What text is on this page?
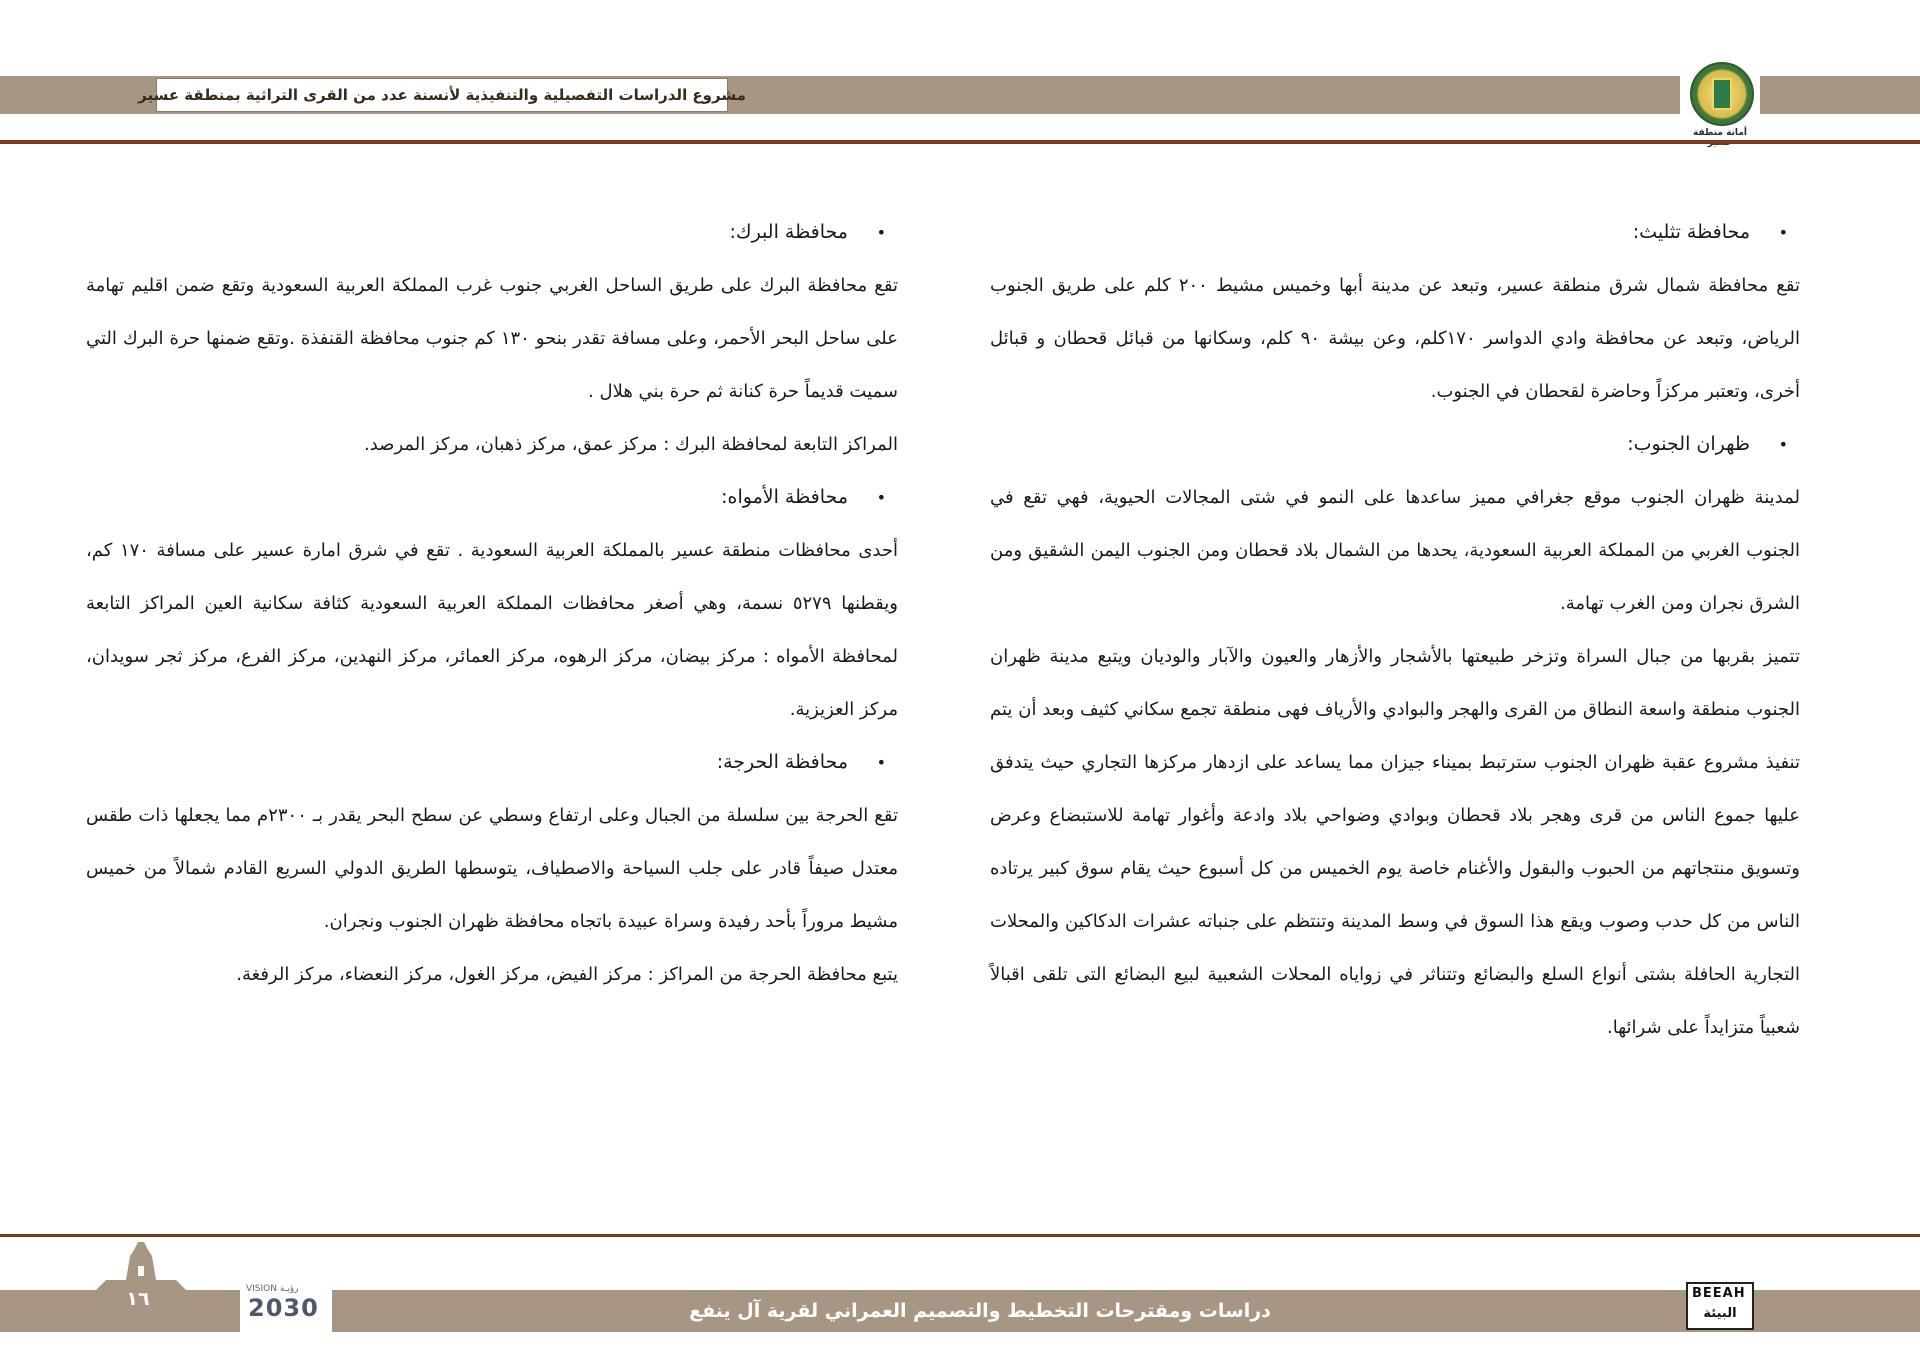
مشروع الدراسات التفصيلية والتنفيذية لأنسنة عدد من القرى التراثية بمنطقة عسير
أمانة منطقة
•
محافظة تثليث:
تقع محافظة شمال شرق منطقة عسير، وتبعد عن مدينة أبها وخميس مشيط ٢٠٠ كلم على طريق الجنوب الرياض، وتبعد عن محافظة وادي الدواسر ١٧٠كلم، وعن بيشة ٩٠ كلم، وسكانها من قبائل قحطان و قبائل أخرى، وتعتبر مركزاً وحاضرة لقحطان في الجنوب.
•
ظهران الجنوب:
لمدينة ظهران الجنوب موقع جغرافي مميز ساعدها على النمو في شتى المجالات الحيوية، فهي تقع في الجنوب الغربي من المملكة العربية السعودية، يحدها من الشمال بلاد قحطان ومن الجنوب اليمن الشقيق ومن الشرق نجران ومن الغرب تهامة.
تتميز بقربها من جبال السراة وتزخر طبيعتها بالأشجار والأزهار والعيون والآبار والوديان ويتبع مدينة ظهران الجنوب منطقة واسعة النطاق من القرى والهجر والبوادي والأرياف فهى منطقة تجمع سكاني كثيف وبعد أن يتم تنفيذ مشروع عقبة ظهران الجنوب سترتبط بميناء جيزان مما يساعد على ازدهار مركزها التجاري حيث يتدفق عليها جموع الناس من قرى وهجر بلاد قحطان وبوادي وضواحي بلاد وادعة وأغوار تهامة للاستبضاع وعرض وتسويق منتجاتهم من الحبوب والبقول والأغنام خاصة يوم الخميس من كل أسبوع حيث يقام سوق كبير يرتاده الناس من كل حدب وصوب ويقع هذا السوق في وسط المدينة وتنتظم على جنباته عشرات الدكاكين والمحلات التجارية الحافلة بشتى أنواع السلع والبضائع وتتناثر في زواياه المحلات الشعبية لبيع البضائع التى تلقى اقبالاً شعبياً متزايداً على شرائها.
•
محافظة البرك:
تقع محافظة البرك على طريق الساحل الغربي جنوب غرب المملكة العربية السعودية وتقع ضمن اقليم تهامة على ساحل البحر الأحمر، وعلى مسافة تقدر بنحو ١٣٠ كم جنوب محافظة القنفذة .وتقع ضمنها حرة البرك التي سميت قديماً حرة كنانة ثم حرة بني هلال .
المراكز التابعة لمحافظة البرك : مركز عمق، مركز ذهبان، مركز المرصد.
•
محافظة الأمواه:
أحدى محافظات منطقة عسير بالمملكة العربية السعودية . تقع في شرق امارة عسير على مسافة ١٧٠ كم، ويقطنها ٥٢٧٩ نسمة، وهي أصغر محافظات المملكة العربية السعودية كثافة سكانية العين المراكز التابعة لمحافظة الأمواه : مركز بيضان، مركز الرهوه، مركز العمائر، مركز النهدين، مركز الفرع، مركز ثجر سويدان، مركز العزيزية.
•
محافظة الحرجة:
تقع الحرجة بين سلسلة من الجبال وعلى ارتفاع وسطي عن سطح البحر يقدر بـ ٢٣٠٠م مما يجعلها ذات طقس معتدل صيفاً قادر على جلب السياحة والاصطياف، يتوسطها الطريق الدولي السريع القادم شمالاً من خميس مشيط مروراً بأحد رفيدة وسراة عبيدة باتجاه محافظة ظهران الجنوب ونجران.
يتبع محافظة الحرجة من المراكز : مركز الفيض، مركز الغول، مركز النعضاء، مركز الرفغة.
١٦	VISION رؤيـة
2030	دراسات ومقترحات التخطيط والتصميم العمراني لقرية آل ينفع
BEEAH
البيئة
